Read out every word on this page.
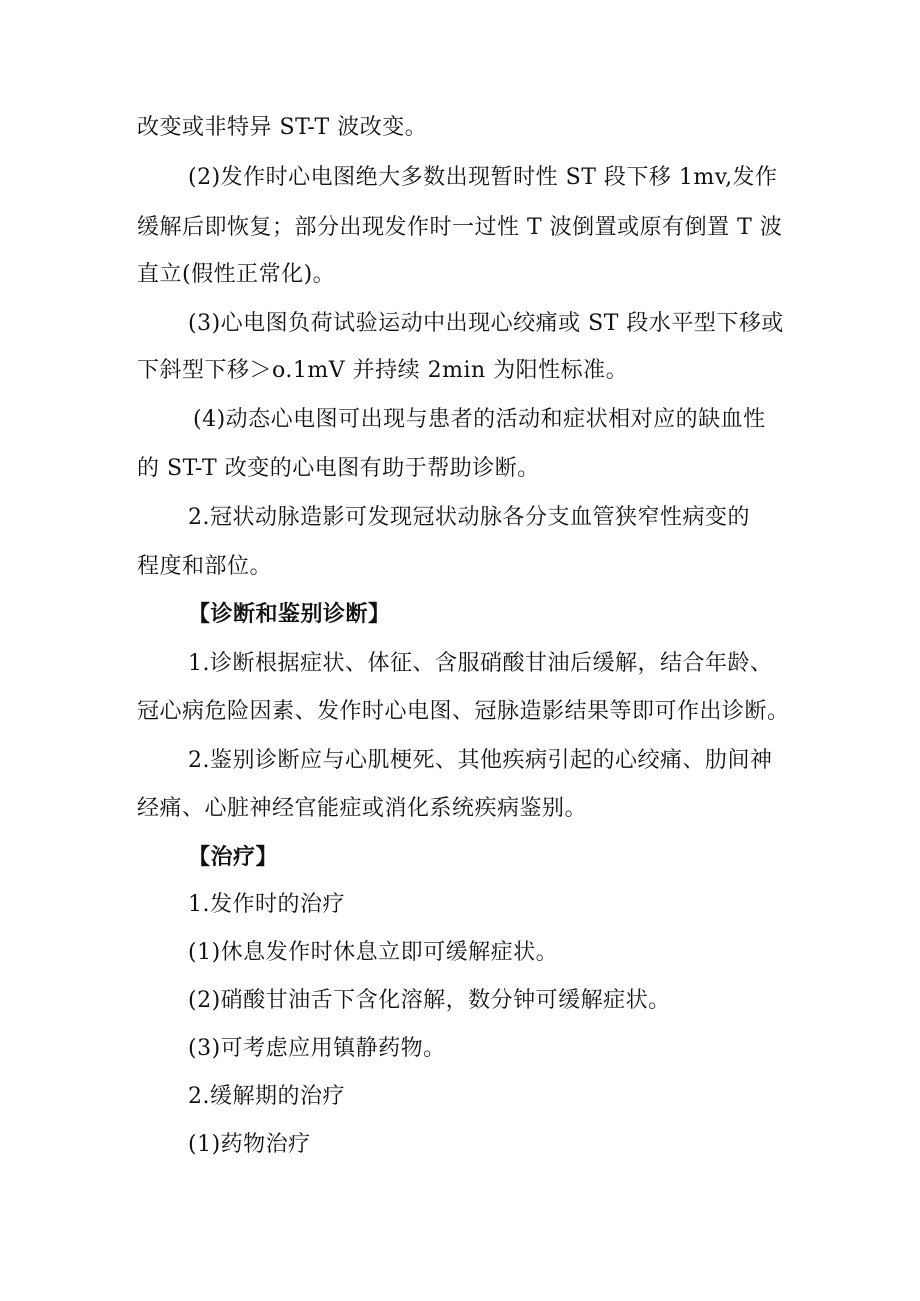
改变或非特异 ST-T 波改变。

(2)发作时心电图绝大多数出现暂时性 ST 段下移 1mv,发作

缓解后即恢复；部分出现发作时一过性 T 波倒置或原有倒置 T 波

直立(假性正常化)。

(3)心电图负荷试验运动中出现心绞痛或 ST 段水平型下移或

下斜型下移＞o.1mV 并持续 2min 为阳性标准。

(4)动态心电图可出现与患者的活动和症状相对应的缺血性

的 ST-T 改变的心电图有助于帮助诊断。

2.冠状动脉造影可发现冠状动脉各分支血管狭窄性病变的

程度和部位。

【诊断和鉴别诊断】

1.诊断根据症状、体征、含服硝酸甘油后缓解，结合年龄、

冠心病危险因素、发作时心电图、冠脉造影结果等即可作出诊断。

2.鉴别诊断应与心肌梗死、其他疾病引起的心绞痛、肋间神

经痛、心脏神经官能症或消化系统疾病鉴别。

【治疗】

1.发作时的治疗

(1)休息发作时休息立即可缓解症状。

(2)硝酸甘油舌下含化溶解，数分钟可缓解症状。

(3)可考虑应用镇静药物。

2.缓解期的治疗

(1)药物治疗
